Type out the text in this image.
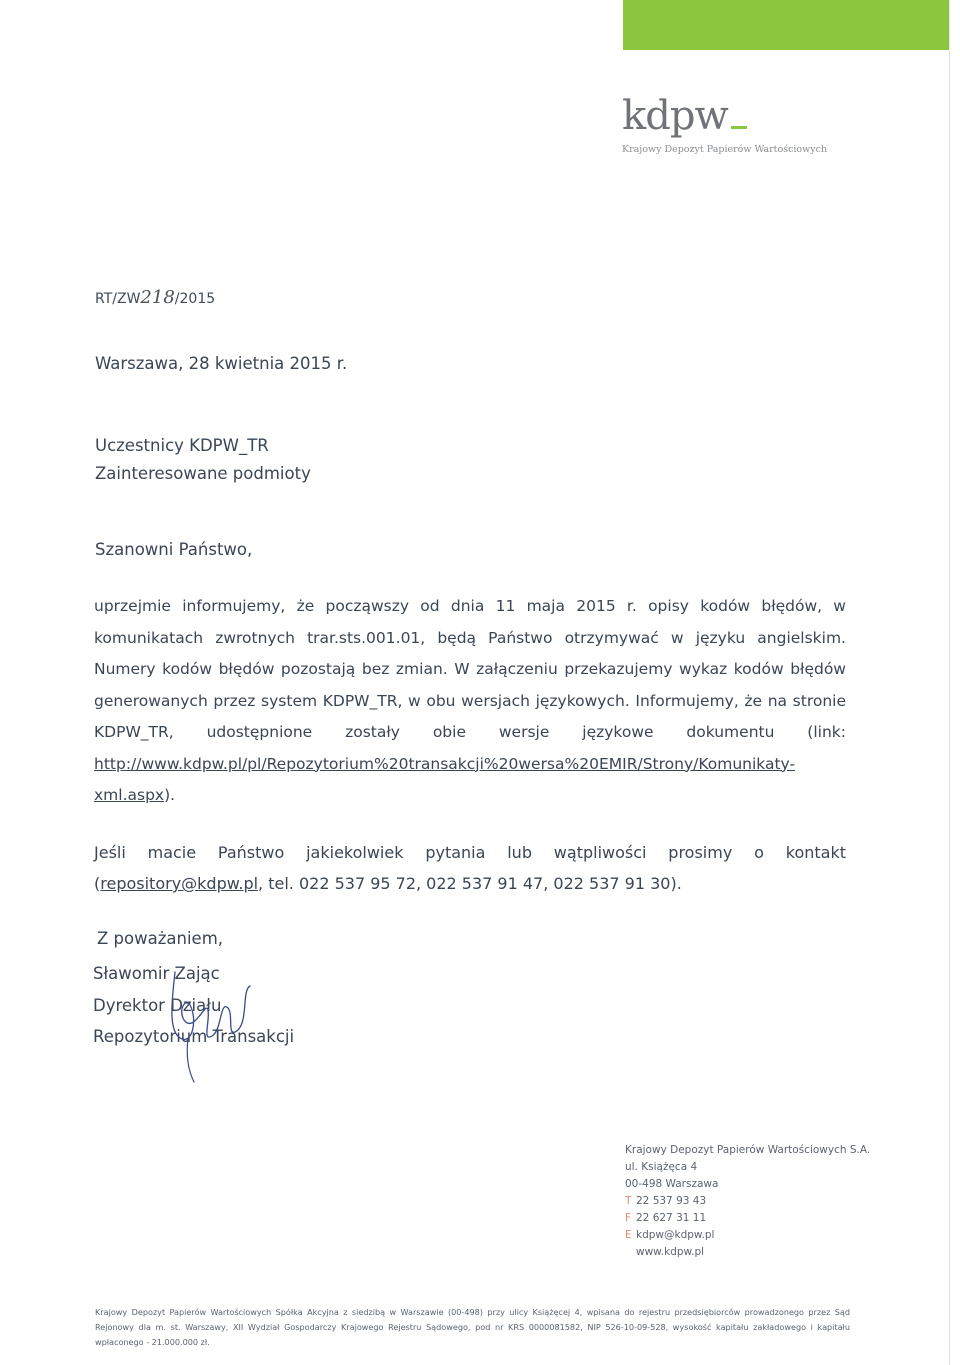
kdpw
Krajowy Depozyt Papierów Wartościowych
RT/ZW218/2015
Warszawa, 28 kwietnia 2015 r.
Uczestnicy KDPW_TR
Zainteresowane podmioty
Szanowni Państwo,
uprzejmie informujemy, że począwszy od dnia 11 maja 2015 r. opisy kodów błędów, w komunikatach zwrotnych trar.sts.001.01, będą Państwo otrzymywać w języku angielskim. Numery kodów błędów pozostają bez zmian. W załączeniu przekazujemy wykaz kodów błędów generowanych przez system KDPW_TR, w obu wersjach językowych. Informujemy, że na stronie KDPW_TR, udostępnione zostały obie wersje językowe dokumentu (link: http://www.kdpw.pl/pl/Repozytorium%20transakcji%20wersa%20EMIR/Strony/Komunikaty-xml.aspx).
Jeśli macie Państwo jakiekolwiek pytania lub wątpliwości prosimy o kontakt (repository@kdpw.pl, tel. 022 537 95 72, 022 537 91 47, 022 537 91 30).
Z poważaniem,
Sławomir Zając
Dyrektor Działu
Repozytorium Transakcji
Krajowy Depozyt Papierów Wartościowych S.A.
ul. Książęca 4
00-498 Warszawa
T 22 537 93 43
F 22 627 31 11
E kdpw@kdpw.pl
www.kdpw.pl
Krajowy Depozyt Papierów Wartościowych Spółka Akcyjna z siedzibą w Warszawie (00-498) przy ulicy Książęcej 4, wpisana do rejestru przedsiębiorców prowadzonego przez Sąd Rejonowy dla m. st. Warszawy, XII Wydział Gospodarczy Krajowego Rejestru Sądowego, pod nr KRS 0000081582, NIP 526-10-09-528, wysokość kapitału zakładowego i kapitału wpłaconego - 21.000.000 zł.
